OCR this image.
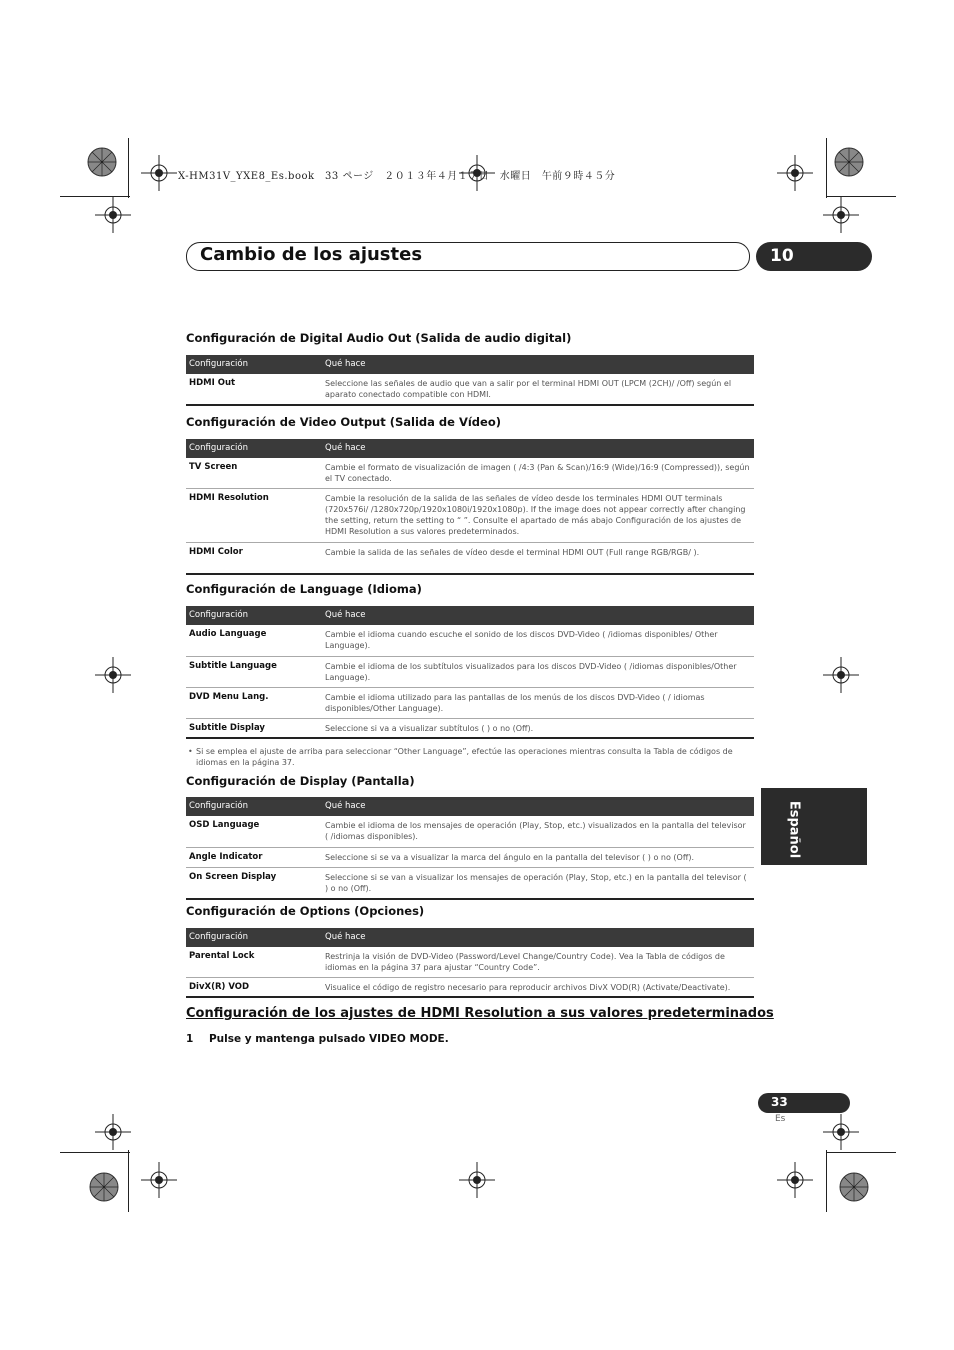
X-HM31V_YXE8_Es.book　33 ページ　２０１３年４月１７日　水曜日　午前９時４５分
Cambio de los ajustes	10
Configuración de Digital Audio Out (Salida de audio digital)
Configuración	Qué hace
HDMI Out	Seleccione las señales de audio que van a salir por el terminal HDMI OUT (LPCM (2CH)/ /Off) según el aparato conectado compatible con HDMI.
Configuración de Video Output (Salida de Vídeo)
Configuración	Qué hace
TV Screen	Cambie el formato de visualización de imagen ( /4:3 (Pan & Scan)/16:9 (Wide)/16:9 (Compressed)), según el TV conectado.
HDMI Resolution	Cambie la resolución de la salida de las señales de vídeo desde los terminales HDMI OUT terminals (720x576i/ /1280x720p/1920x1080i/1920x1080p). If the image does not appear correctly after changing the setting, return the setting to “ ”. Consulte el apartado de más abajo Configuración de los ajustes de HDMI Resolution a sus valores predeterminados.
HDMI Color	Cambie la salida de las señales de vídeo desde el terminal HDMI OUT (Full range RGB/RGB/ ).
Configuración de Language (Idioma)
Configuración	Qué hace
Audio Language	Cambie el idioma cuando escuche el sonido de los discos DVD-Video ( /idiomas disponibles/ Other Language).
Subtitle Language	Cambie el idioma de los subtítulos visualizados para los discos DVD-Video ( /idiomas disponibles/Other Language).
DVD Menu Lang.	Cambie el idioma utilizado para las pantallas de los menús de los discos DVD-Video ( / idiomas disponibles/Other Language).
Subtitle Display	Seleccione si va a visualizar subtítulos ( ) o no (Off).
• Si se emplea el ajuste de arriba para seleccionar “Other Language”, efectúe las operaciones mientras consulta la Tabla de códigos de idiomas en la página 37.
Configuración de Display (Pantalla)
Configuración	Qué hace
OSD Language	Cambie el idioma de los mensajes de operación (Play, Stop, etc.) visualizados en la pantalla del televisor ( /idiomas disponibles).
Angle Indicator	Seleccione si se va a visualizar la marca del ángulo en la pantalla del televisor ( ) o no (Off).
On Screen Display	Seleccione si se van a visualizar los mensajes de operación (Play, Stop, etc.) en la pantalla del televisor ( ) o no (Off).
Configuración de Options (Opciones)
Configuración	Qué hace
Parental Lock	Restrinja la visión de DVD-Video (Password/Level Change/Country Code). Vea la Tabla de códigos de idiomas en la página 37 para ajustar “Country Code”.
DivX(R) VOD	Visualice el código de registro necesario para reproducir archivos DivX VOD(R) (Activate/Deactivate).
Configuración de los ajustes de HDMI Resolution a sus valores predeterminados
1 Pulse y mantenga pulsado VIDEO MODE.
Español
33
Es
